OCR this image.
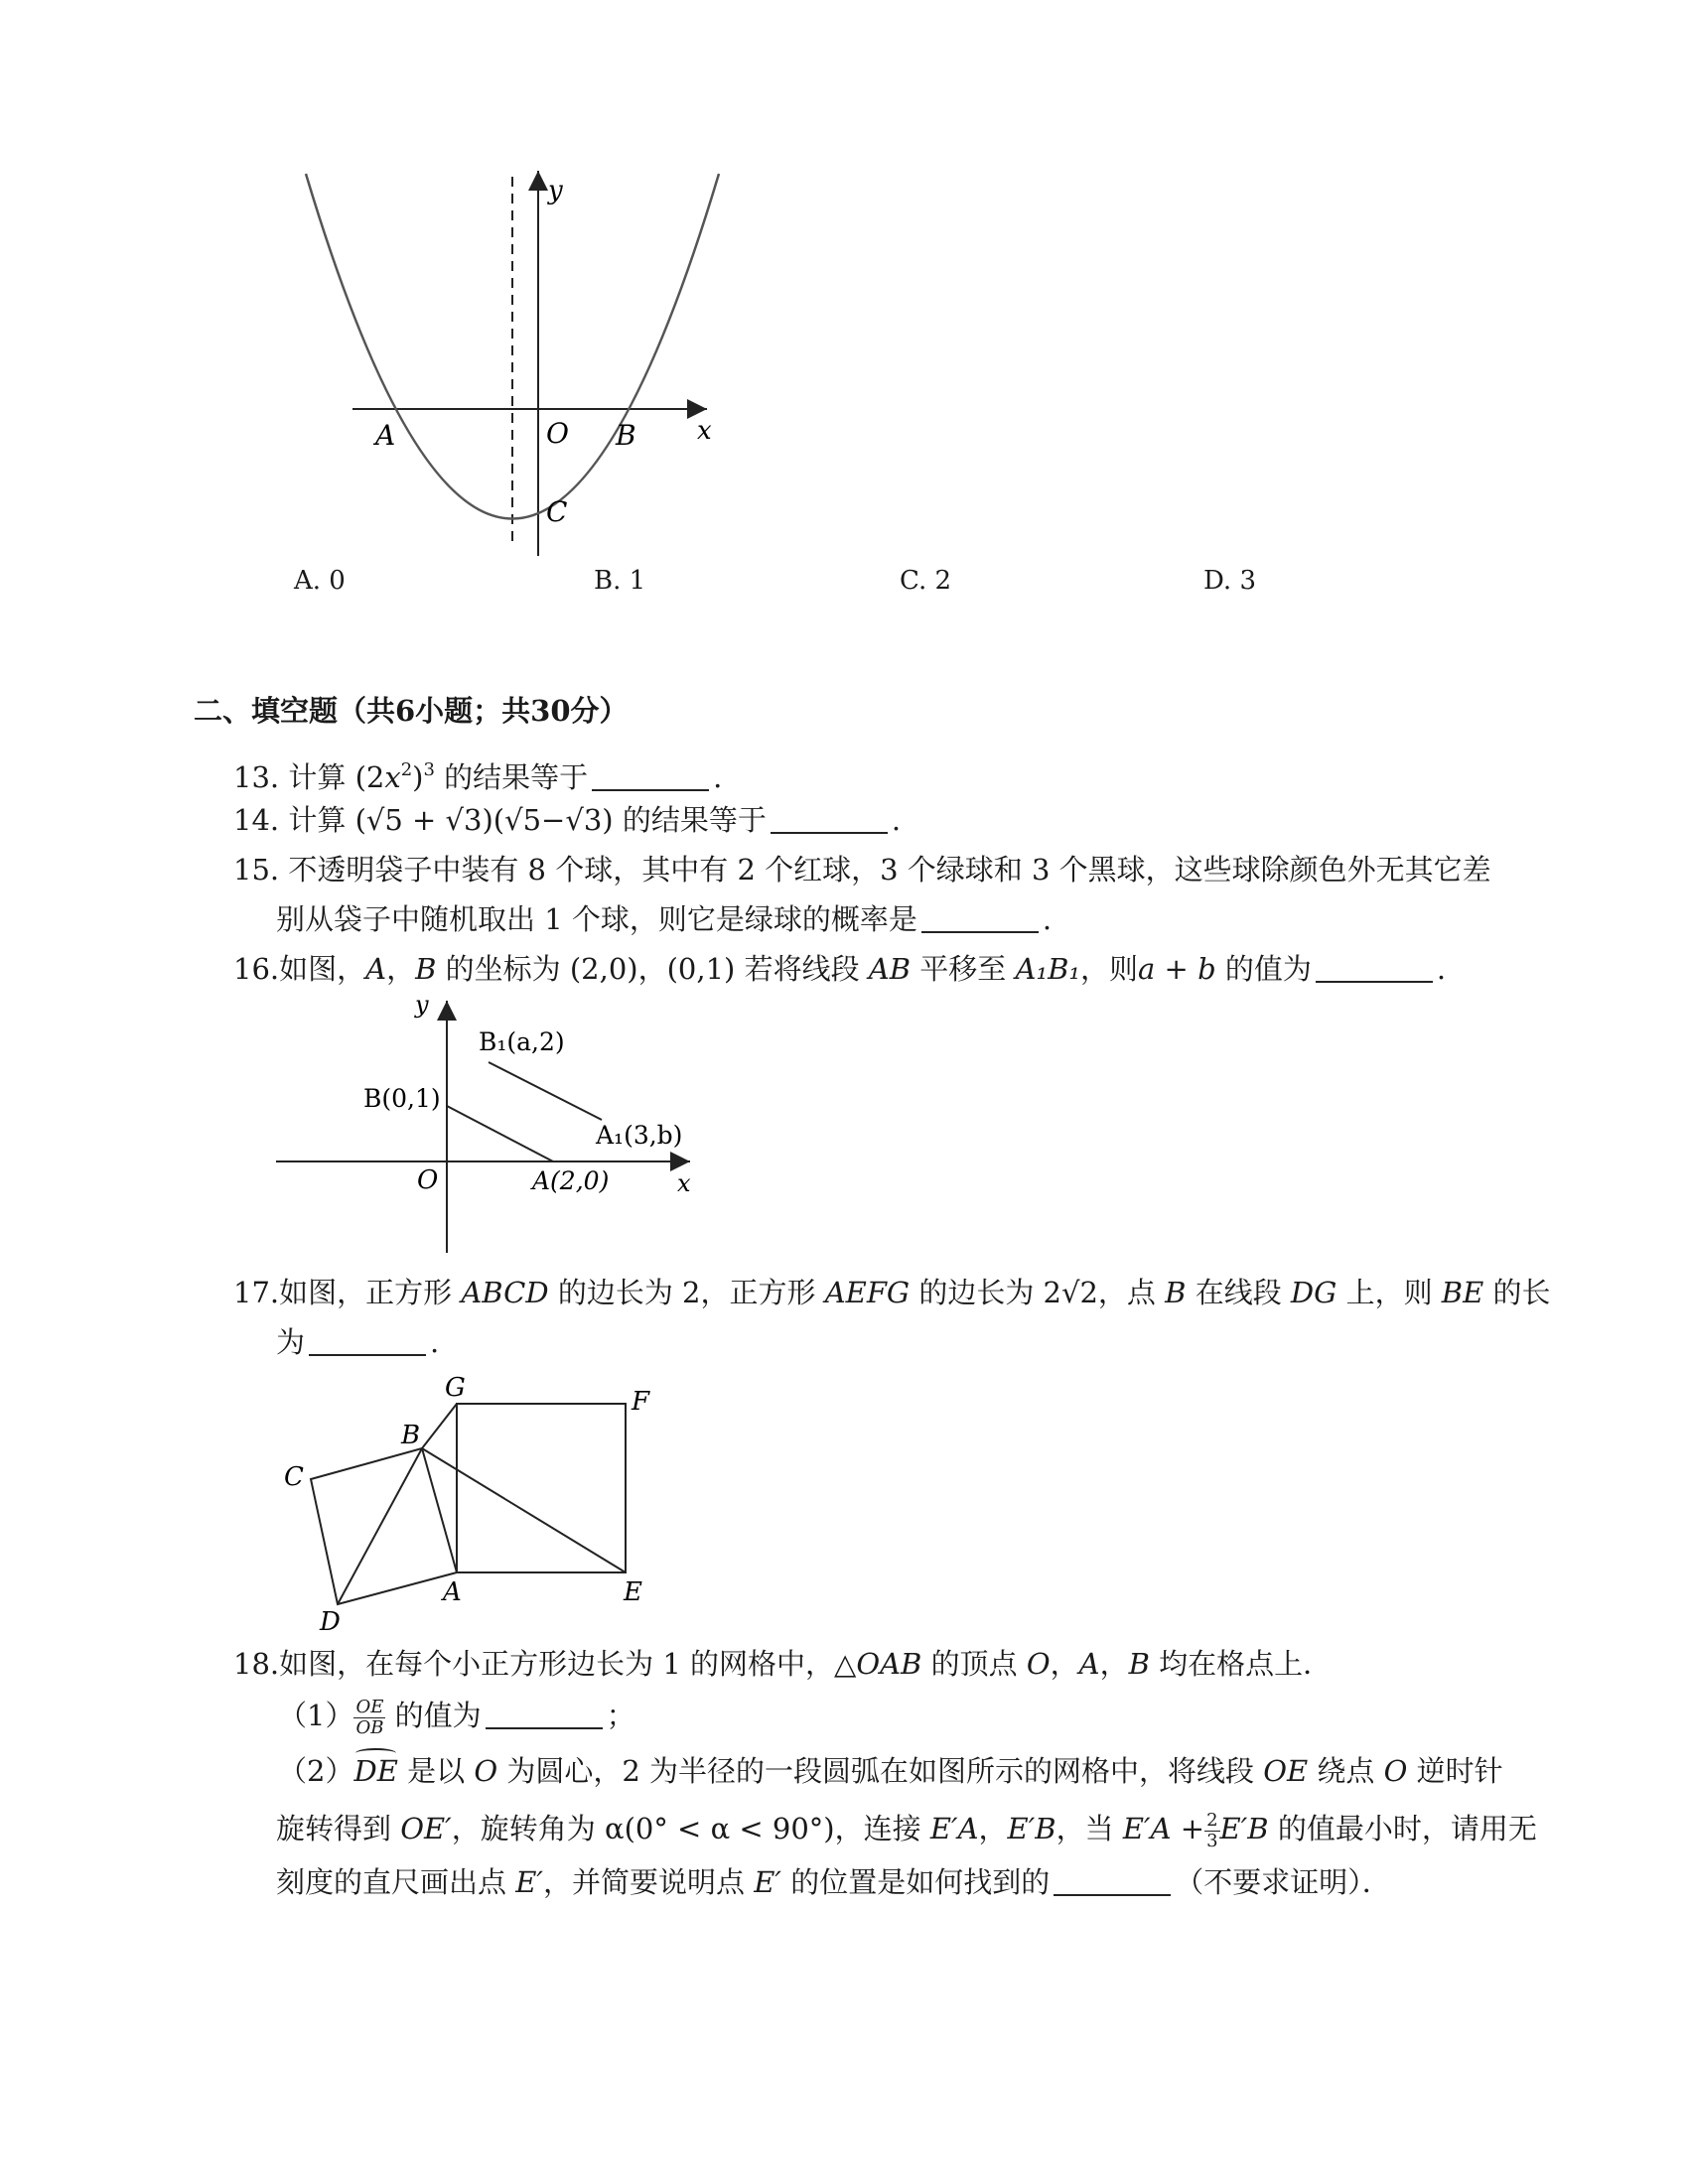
y
x
A	O B
C
A. 0	B. 1	C. 2	D. 3
二、填空题（共6小题；共30分）
13. 计算 $(2x^2)^3$ 的结果等于	.
14. 计算 (√5 + √3)(√5−√3) 的结果等于	.
15. 不透明袋子中装有 8 个球，其中有 2 个红球，3 个绿球和 3 个黑球，这些球除颜色外无其它差
别从袋子中随机取出 1 个球，则它是绿球的概率是	.
16.如图，A，B 的坐标为 (2,0)，(0,1) 若将线段 AB 平移至 A₁B₁，则a + b 的值为	.
y
x
O
B(0,1)
A(2,0)
B₁(a,2)
A₁(3,b)
17.如图，正方形 ABCD 的边长为 2，正方形 AEFG 的边长为 2√2，点 B 在线段 DG 上，则 BE 的长
为	.
G	F
B
C
D
A	E
18.如图，在每个小正方形边长为 1 的网格中，△OAB 的顶点 O，A，B 均在格点上．
$(1) \frac{OE}{OB}$ 的值为	；
（2）DE 是以 O 为圆心，2 为半径的一段圆弧在如图所示的网格中，将线段 OE 绕点 O 逆时针
旋转得到 OE′，旋转角为 α(0° < α < 90°)，连接 E′A，E′B，当 $E'A + \frac{2}{3} E'B$ 的值最小时，请用无
刻度的直尺画出点 E′，并简要说明点 E′ 的位置是如何找到的	（不要求证明）．
